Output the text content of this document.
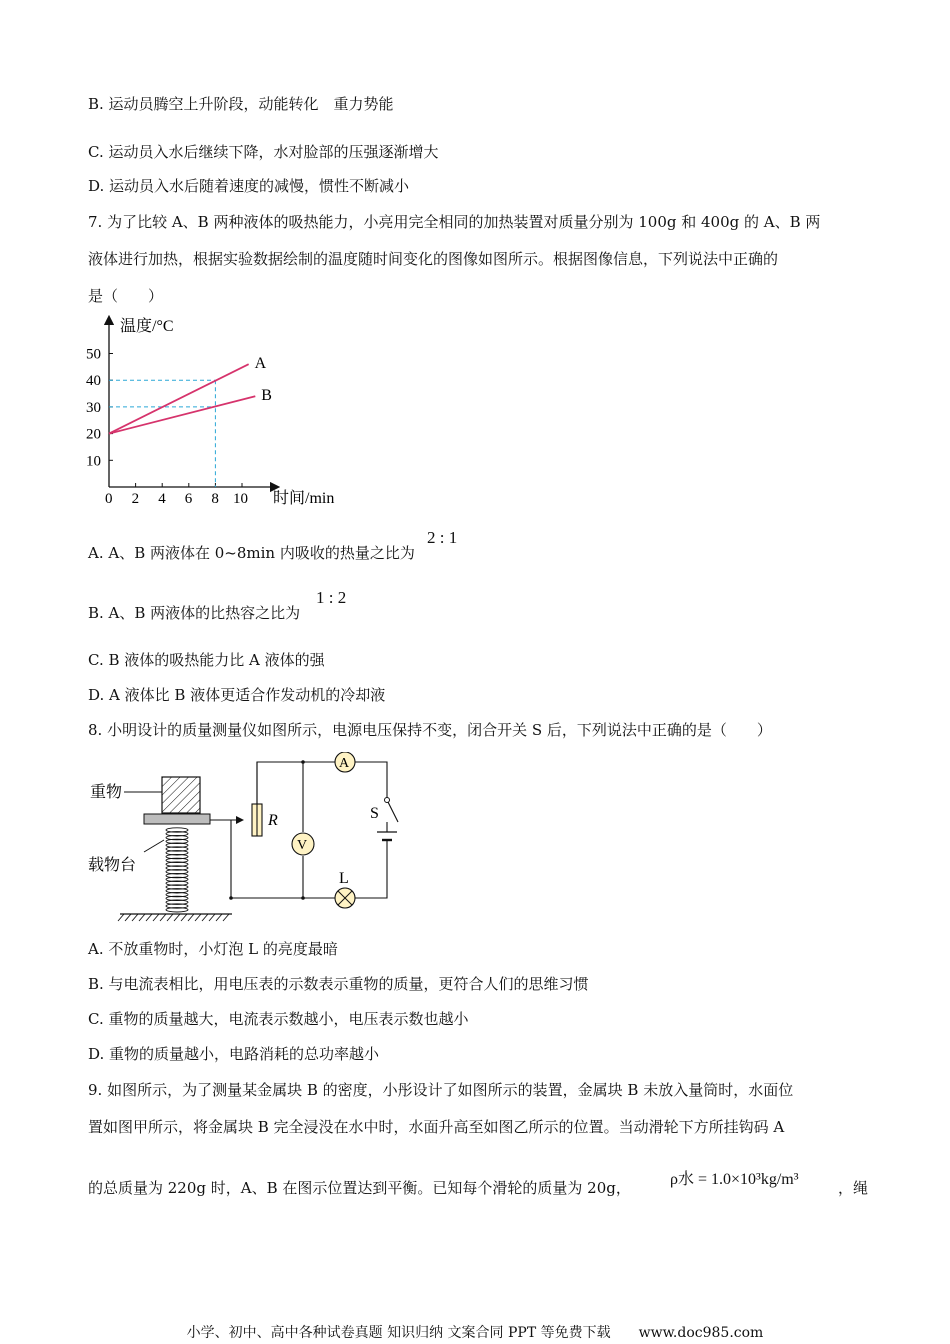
B. 运动员腾空上升阶段，动能转化　重力势能
C. 运动员入水后继续下降，水对脸部的压强逐渐增大
D. 运动员入水后随着速度的减慢，惯性不断减小
7. 为了比较 A、B 两种液体的吸热能力，小亮用完全相同的加热装置对质量分别为 100g 和 400g 的 A、B 两
液体进行加热，根据实验数据绘制的温度随时间变化的图像如图所示。根据图像信息，下列说法中正确的
是（　　）
温度/°C
时间/min
10
20
30
40
50
0 2 4 6 8 10
A
B
A. A、B 两液体在 0~8min 内吸收的热量之比为
2 : 1
B. A、B 两液体的比热容之比为
1 : 2
C. B 液体的吸热能力比 A 液体的强
D. A 液体比 B 液体更适合作发动机的冷却液
8. 小明设计的质量测量仪如图所示，电源电压保持不变，闭合开关 S 后，下列说法中正确的是（　　）
重物
载物台
R
A
V
S
L
A. 不放重物时，小灯泡 L 的亮度最暗
B. 与电流表相比，用电压表的示数表示重物的质量，更符合人们的思维习惯
C. 重物的质量越大，电流表示数越小，电压表示数也越小
D. 重物的质量越小，电路消耗的总功率越小
9. 如图所示，为了测量某金属块 B 的密度，小彤设计了如图所示的装置，金属块 B 未放入量筒时，水面位
置如图甲所示，将金属块 B 完全浸没在水中时，水面升高至如图乙所示的位置。当动滑轮下方所挂钩码 A
的总质量为 220g 时，A、B 在图示位置达到平衡。已知每个滑轮的质量为 20g， ρ水 = 1.0×10³kg/m³	，绳
小学、初中、高中各种试卷真题 知识归纳 文案合同 PPT 等免费下载　　www.doc985.com
